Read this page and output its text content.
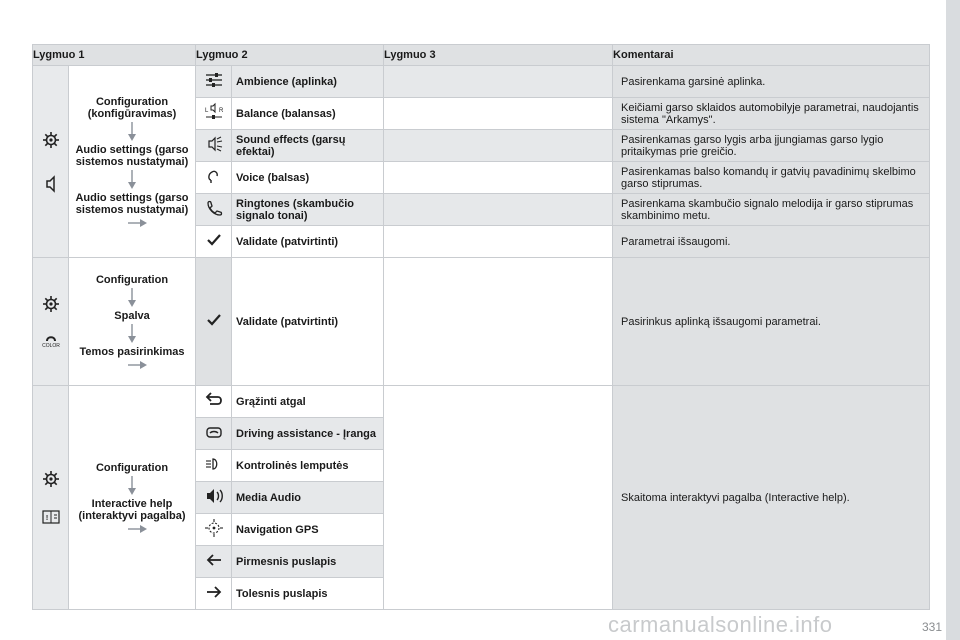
Lygmuo 1		Lygmuo 2		Lygmuo 3	Komentarai

Configuration (konfigūravimas)
Audio settings (garso sistemos nustatymai)
Audio settings (garso sistemos nustatymai)		Ambience (aplinka)		Pasirenkama garsinė aplinka.

L R	Balance (balansas)		Keičiami garso sklaidos automobilyje parametrai, naudojantis sistema "Arkamys".
	Sound effects (garsų efektai)		Pasirenkamas garso lygis arba įjungiamas garso lygio pritaikymas prie greičio.
	Voice (balsas)		Pasirenkamas balso komandų ir gatvių pavadinimų skelbimo garso stiprumas.
	Ringtones (skambučio signalo tonai)		Pasirenkama skambučio signalo melodija ir garso stiprumas skambinimo metu.
	Validate (patvirtinti)		Parametrai išsaugomi.

COLOR	Configuration
Spalva
Temos pasirinkimas		Validate (patvirtinti)		Pasirinkus aplinką išsaugomi parametrai.

!	Configuration
Interactive help (interaktyvi pagalba)		Grąžinti atgal		Skaitoma interaktyvi pagalba (Interactive help).
	Driving assistance - Įranga		
	Kontrolinės lemputės		
	Media Audio		
	Navigation GPS		
	Pirmesnis puslapis		
	Tolesnis puslapis		
carmanualsonline.info	331
